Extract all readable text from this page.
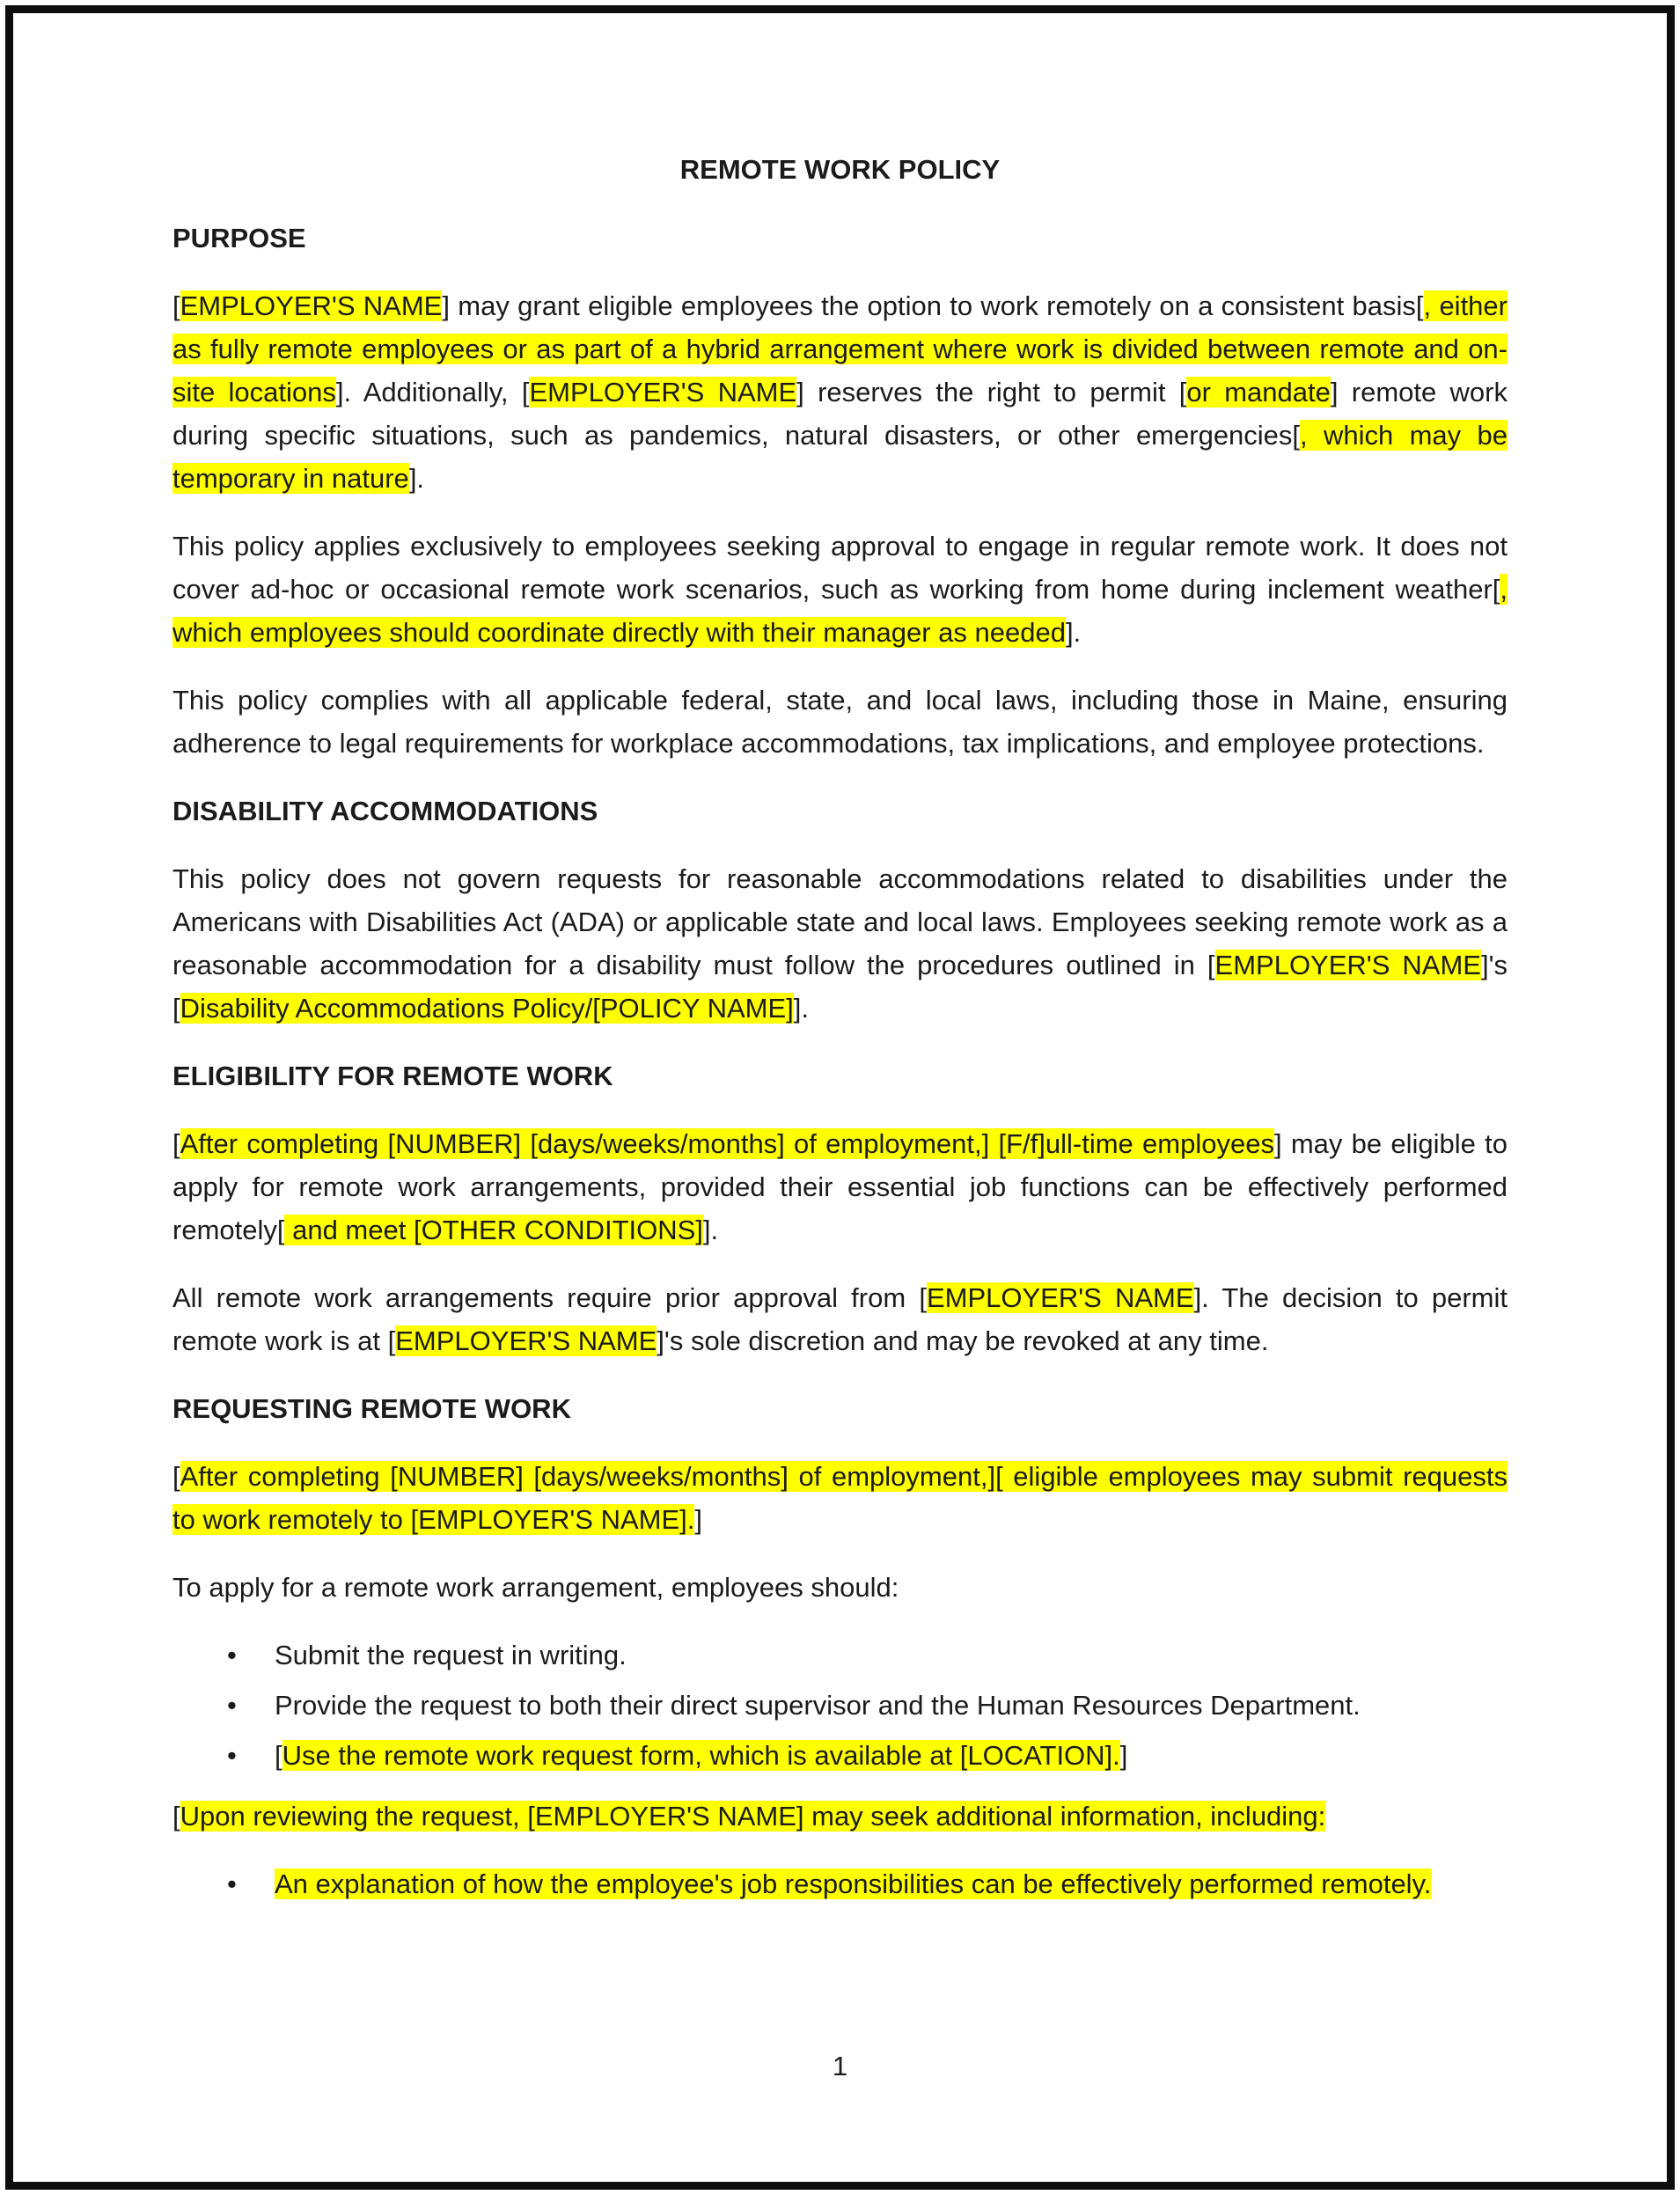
REMOTE WORK POLICY

PURPOSE

[EMPLOYER'S NAME] may grant eligible employees the option to work remotely on a consistent basis[, either as fully remote employees or as part of a hybrid arrangement where work is divided between remote and on-site locations]. Additionally, [EMPLOYER'S NAME] reserves the right to permit [or mandate] remote work during specific situations, such as pandemics, natural disasters, or other emergencies[, which may be temporary in nature].

This policy applies exclusively to employees seeking approval to engage in regular remote work. It does not cover ad-hoc or occasional remote work scenarios, such as working from home during inclement weather[, which employees should coordinate directly with their manager as needed].

This policy complies with all applicable federal, state, and local laws, including those in Maine, ensuring adherence to legal requirements for workplace accommodations, tax implications, and employee protections.

DISABILITY ACCOMMODATIONS

This policy does not govern requests for reasonable accommodations related to disabilities under the Americans with Disabilities Act (ADA) or applicable state and local laws. Employees seeking remote work as a reasonable accommodation for a disability must follow the procedures outlined in [EMPLOYER'S NAME]'s [Disability Accommodations Policy/[POLICY NAME]].

ELIGIBILITY FOR REMOTE WORK

[After completing [NUMBER] [days/weeks/months] of employment,] [F/f]ull-time employees] may be eligible to apply for remote work arrangements, provided their essential job functions can be effectively performed remotely[ and meet [OTHER CONDITIONS]].

All remote work arrangements require prior approval from [EMPLOYER'S NAME]. The decision to permit remote work is at [EMPLOYER'S NAME]'s sole discretion and may be revoked at any time.

REQUESTING REMOTE WORK

[After completing [NUMBER] [days/weeks/months] of employment,][ eligible employees may submit requests to work remotely to [EMPLOYER'S NAME].]

To apply for a remote work arrangement, employees should:

•	Submit the request in writing.
•	Provide the request to both their direct supervisor and the Human Resources Department.
•	[Use the remote work request form, which is available at [LOCATION].]

[Upon reviewing the request, [EMPLOYER'S NAME] may seek additional information, including:

•	An explanation of how the employee's job responsibilities can be effectively performed remotely.
1
